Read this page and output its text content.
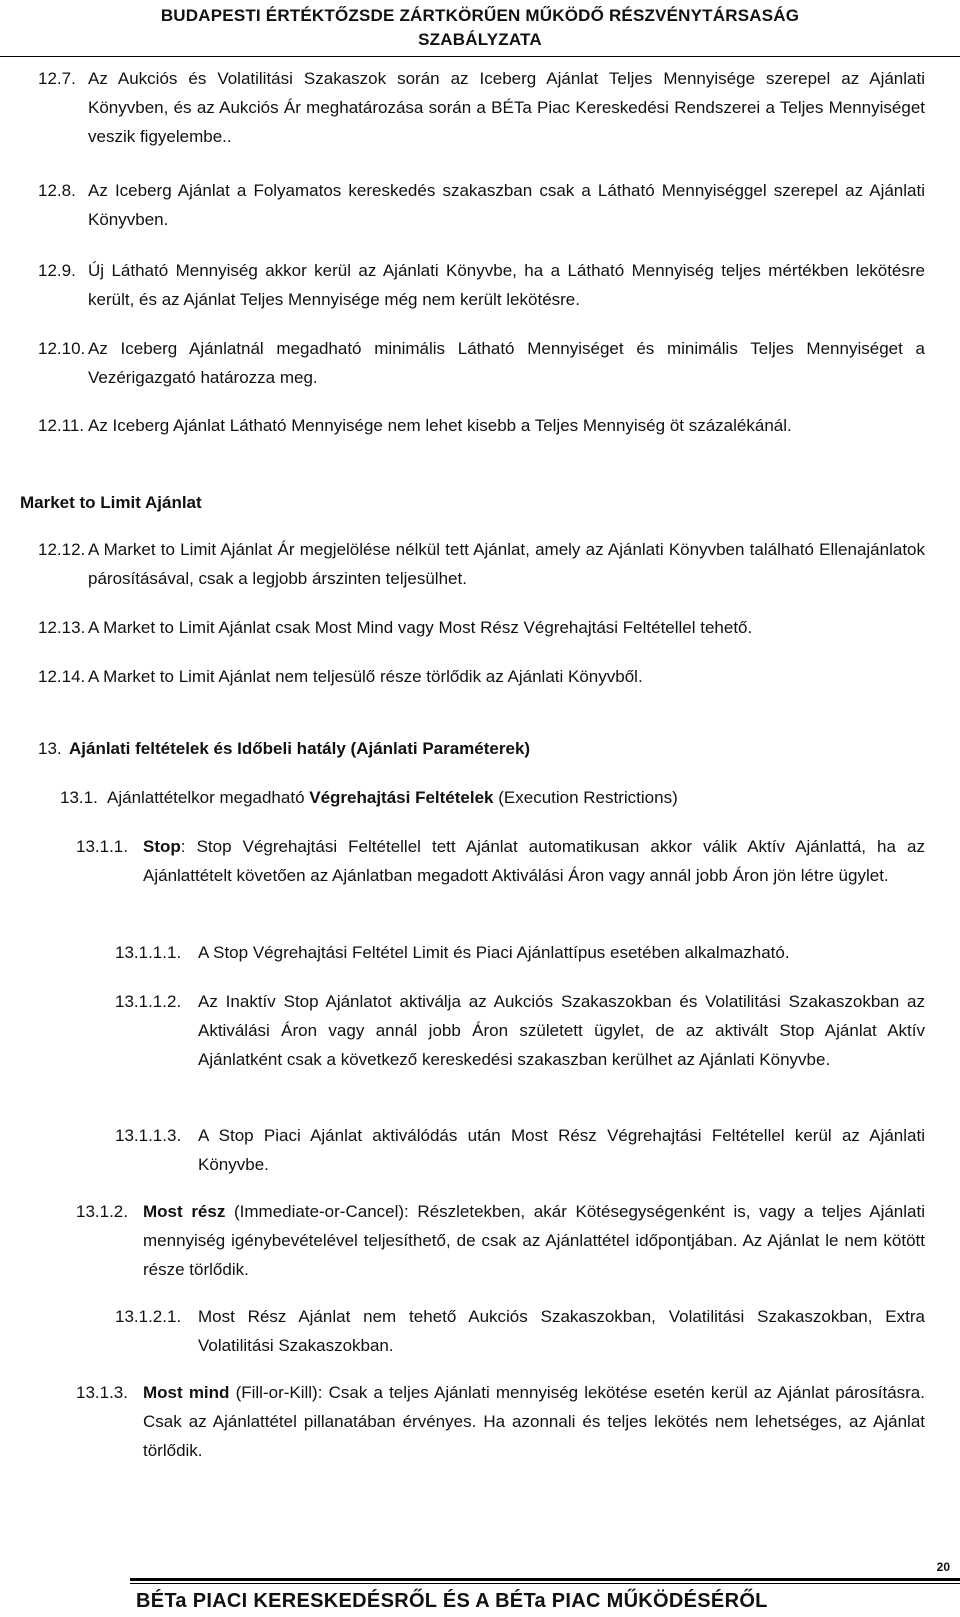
BUDAPESTI ÉRTÉKTŐZSDE ZÁRTKÖRŰEN MŰKÖDŐ RÉSZVÉNYTÁRSASÁG
SZABÁLYZATA
12.7. Az Aukciós és Volatilitási Szakaszok során az Iceberg Ajánlat Teljes Mennyisége szerepel az Ajánlati Könyvben, és az Aukciós Ár meghatározása során a BÉTa Piac Kereskedési Rendszerei a Teljes Mennyiséget veszik figyelembe..
12.8. Az Iceberg Ajánlat a Folyamatos kereskedés szakaszban csak a Látható Mennyiséggel szerepel az Ajánlati Könyvben.
12.9. Új Látható Mennyiség akkor kerül az Ajánlati Könyvbe, ha a Látható Mennyiség teljes mértékben lekötésre került, és az Ajánlat Teljes Mennyisége még nem került lekötésre.
12.10. Az Iceberg Ajánlatnál megadható minimális Látható Mennyiséget és minimális Teljes Mennyiséget a Vezérigazgató határozza meg.
12.11. Az Iceberg Ajánlat Látható Mennyisége nem lehet kisebb a Teljes Mennyiség öt százalékánál.
Market to Limit Ajánlat
12.12. A Market to Limit Ajánlat Ár megjelölése nélkül tett Ajánlat, amely az Ajánlati Könyvben található Ellenajánlatok párosításával, csak a legjobb árszinten teljesülhet.
12.13. A Market to Limit Ajánlat csak Most Mind vagy Most Rész Végrehajtási Feltétellel tehető.
12.14. A Market to Limit Ajánlat nem teljesülő része törlődik az Ajánlati Könyvből.
13. Ajánlati feltételek és Időbeli hatály (Ajánlati Paraméterek)
13.1. Ajánlattételkor megadható Végrehajtási Feltételek (Execution Restrictions)
13.1.1. Stop: Stop Végrehajtási Feltétellel tett Ajánlat automatikusan akkor válik Aktív Ajánlattá, ha az Ajánlattételt követően az Ajánlatban megadott Aktiválási Áron vagy annál jobb Áron jön létre ügylet.
13.1.1.1. A Stop Végrehajtási Feltétel Limit és Piaci Ajánlattípus esetében alkalmazható.
13.1.1.2. Az Inaktív Stop Ajánlatot aktiválja az Aukciós Szakaszokban és Volatilitási Szakaszokban az Aktiválási Áron vagy annál jobb Áron született ügylet, de az aktivált Stop Ajánlat Aktív Ajánlatként csak a következő kereskedési szakaszban kerülhet az Ajánlati Könyvbe.
13.1.1.3. A Stop Piaci Ajánlat aktiválódás után Most Rész Végrehajtási Feltétellel kerül az Ajánlati Könyvbe.
13.1.2. Most rész (Immediate-or-Cancel): Részletekben, akár Kötésegységenként is, vagy a teljes Ajánlati mennyiség igénybevételével teljesíthető, de csak az Ajánlattétel időpontjában. Az Ajánlat le nem kötött része törlődik.
13.1.2.1. Most Rész Ajánlat nem tehető Aukciós Szakaszokban, Volatilitási Szakaszokban, Extra Volatilitási Szakaszokban.
13.1.3. Most mind (Fill-or-Kill): Csak a teljes Ajánlati mennyiség lekötése esetén kerül az Ajánlat párosításra. Csak az Ajánlattétel pillanatában érvényes. Ha azonnali és teljes lekötés nem lehetséges, az Ajánlat törlődik.
20
BÉTa PIACI KERESKEDÉSRŐL ÉS A BÉTa PIAC MŰKÖDÉSÉRŐL
